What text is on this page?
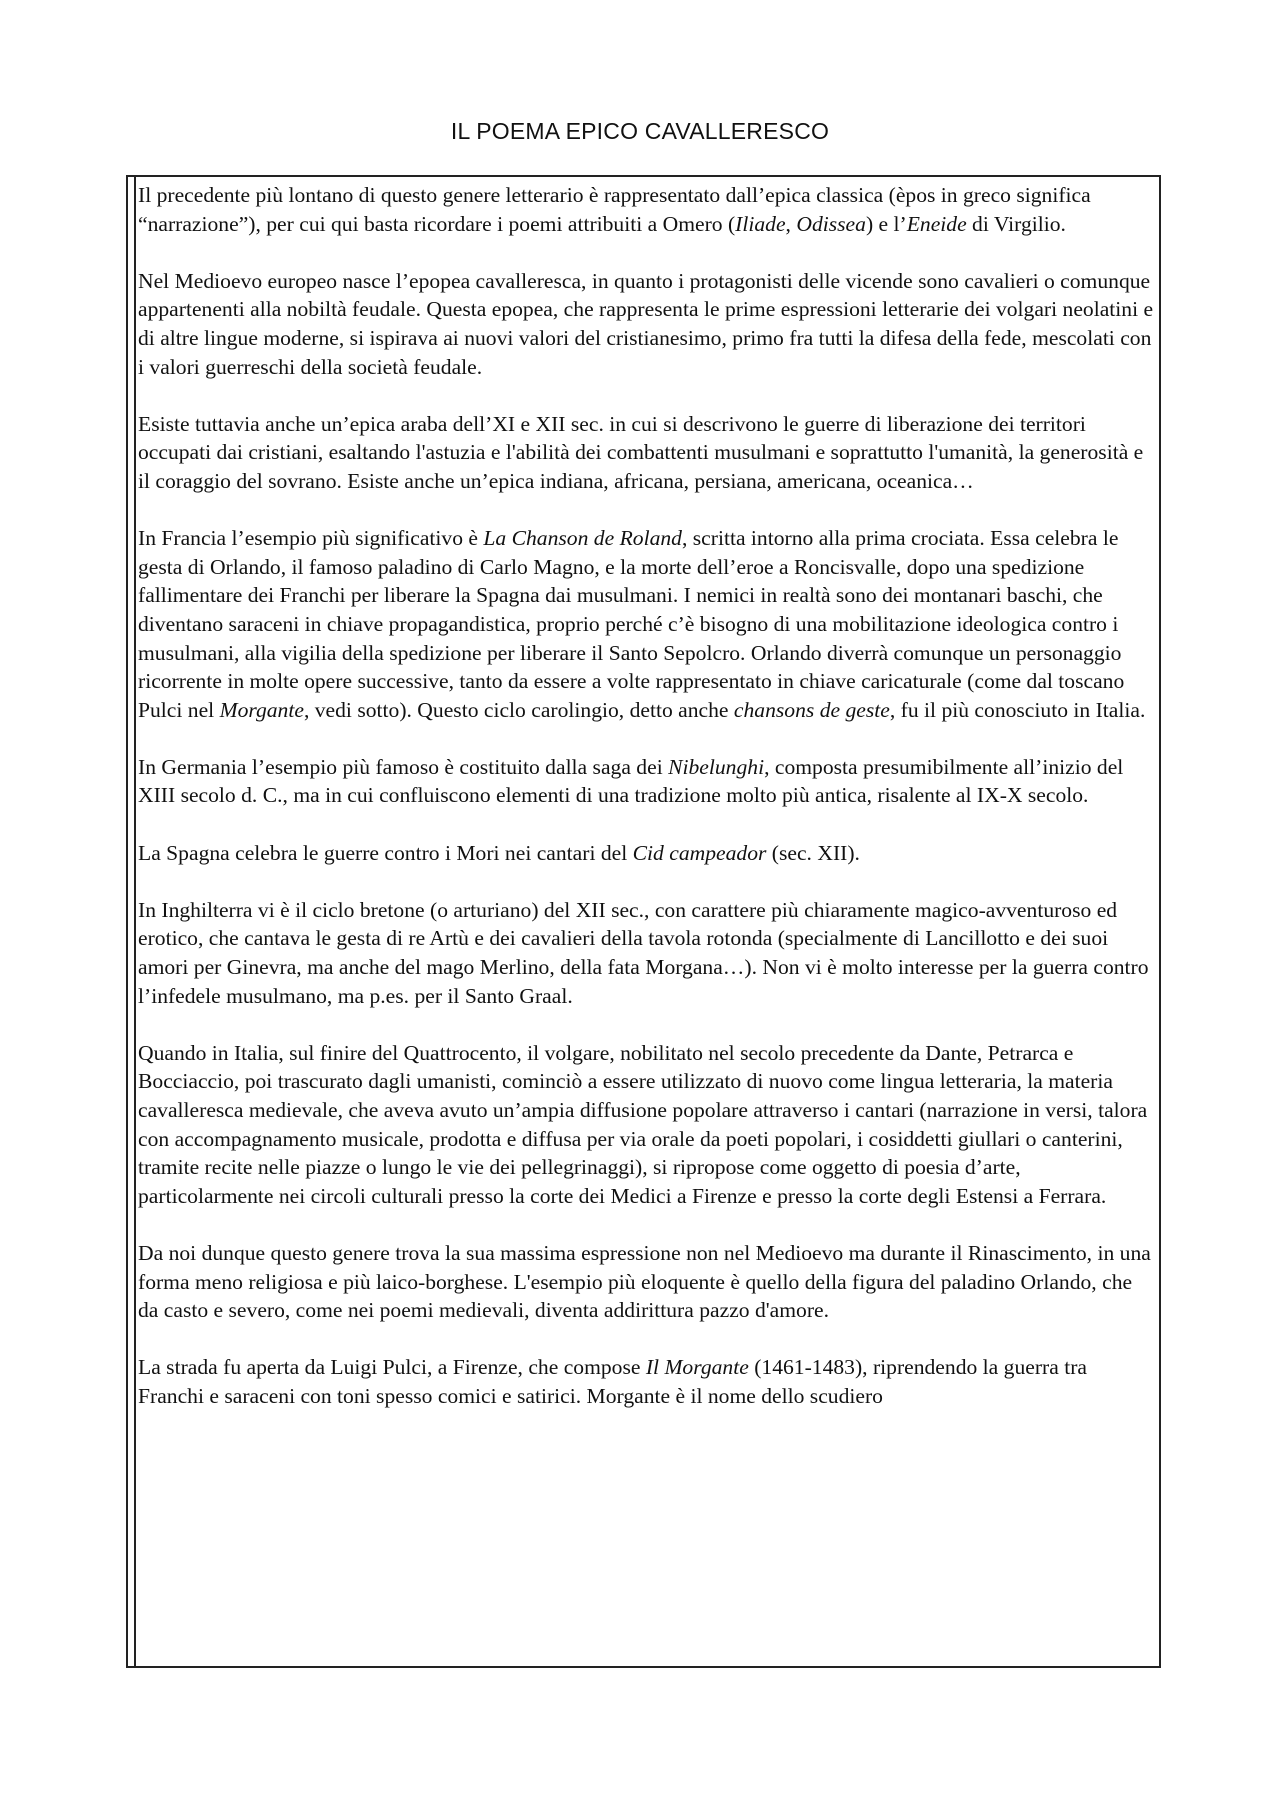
IL POEMA EPICO CAVALLERESCO

Il precedente più lontano di questo genere letterario è rappresentato dall’epica classica (èpos in greco significa “narrazione”), per cui qui basta ricordare i poemi attribuiti a Omero (Iliade, Odissea) e l’Eneide di Virgilio.

Nel Medioevo europeo nasce l’epopea cavalleresca, in quanto i protagonisti delle vicende sono cavalieri o comunque appartenenti alla nobiltà feudale. Questa epopea, che rappresenta le prime espressioni letterarie dei volgari neolatini e di altre lingue moderne, si ispirava ai nuovi valori del cristianesimo, primo fra tutti la difesa della fede, mescolati con i valori guerreschi della società feudale.

Esiste tuttavia anche un’epica araba dell’XI e XII sec. in cui si descrivono le guerre di liberazione dei territori occupati dai cristiani, esaltando l'astuzia e l'abilità dei combattenti musulmani e soprattutto l'umanità, la generosità e il coraggio del sovrano. Esiste anche un’epica indiana, africana, persiana, americana, oceanica…

In Francia l’esempio più significativo è La Chanson de Roland, scritta intorno alla prima crociata. Essa celebra le gesta di Orlando, il famoso paladino di Carlo Magno, e la morte dell’eroe a Roncisvalle, dopo una spedizione fallimentare dei Franchi per liberare la Spagna dai musulmani. I nemici in realtà sono dei montanari baschi, che diventano saraceni in chiave propagandistica, proprio perché c’è bisogno di una mobilitazione ideologica contro i musulmani, alla vigilia della spedizione per liberare il Santo Sepolcro. Orlando diverrà comunque un personaggio ricorrente in molte opere successive, tanto da essere a volte rappresentato in chiave caricaturale (come dal toscano Pulci nel Morgante, vedi sotto). Questo ciclo carolingio, detto anche chansons de geste, fu il più conosciuto in Italia.

In Germania l’esempio più famoso è costituito dalla saga dei Nibelunghi, composta presumibilmente all’inizio del XIII secolo d. C., ma in cui confluiscono elementi di una tradizione molto più antica, risalente al IX-X secolo.

La Spagna celebra le guerre contro i Mori nei cantari del Cid campeador (sec. XII).

In Inghilterra vi è il ciclo bretone (o arturiano) del XII sec., con carattere più chiaramente magico-avventuroso ed erotico, che cantava le gesta di re Artù e dei cavalieri della tavola rotonda (specialmente di Lancillotto e dei suoi amori per Ginevra, ma anche del mago Merlino, della fata Morgana…). Non vi è molto interesse per la guerra contro l’infedele musulmano, ma p.es. per il Santo Graal.

Quando in Italia, sul finire del Quattrocento, il volgare, nobilitato nel secolo precedente da Dante, Petrarca e Bocciaccio, poi trascurato dagli umanisti, cominciò a essere utilizzato di nuovo come lingua letteraria, la materia cavalleresca medievale, che aveva avuto un’ampia diffusione popolare attraverso i cantari (narrazione in versi, talora con accompagnamento musicale, prodotta e diffusa per via orale da poeti popolari, i cosiddetti giullari o canterini, tramite recite nelle piazze o lungo le vie dei pellegrinaggi), si ripropose come oggetto di poesia d’arte, particolarmente nei circoli culturali presso la corte dei Medici a Firenze e presso la corte degli Estensi a Ferrara.

Da noi dunque questo genere trova la sua massima espressione non nel Medioevo ma durante il Rinascimento, in una forma meno religiosa e più laico-borghese. L'esempio più eloquente è quello della figura del paladino Orlando, che da casto e severo, come nei poemi medievali, diventa addirittura pazzo d'amore.

La strada fu aperta da Luigi Pulci, a Firenze, che compose Il Morgante (1461-1483), riprendendo la guerra tra Franchi e saraceni con toni spesso comici e satirici. Morgante è il nome dello scudiero
